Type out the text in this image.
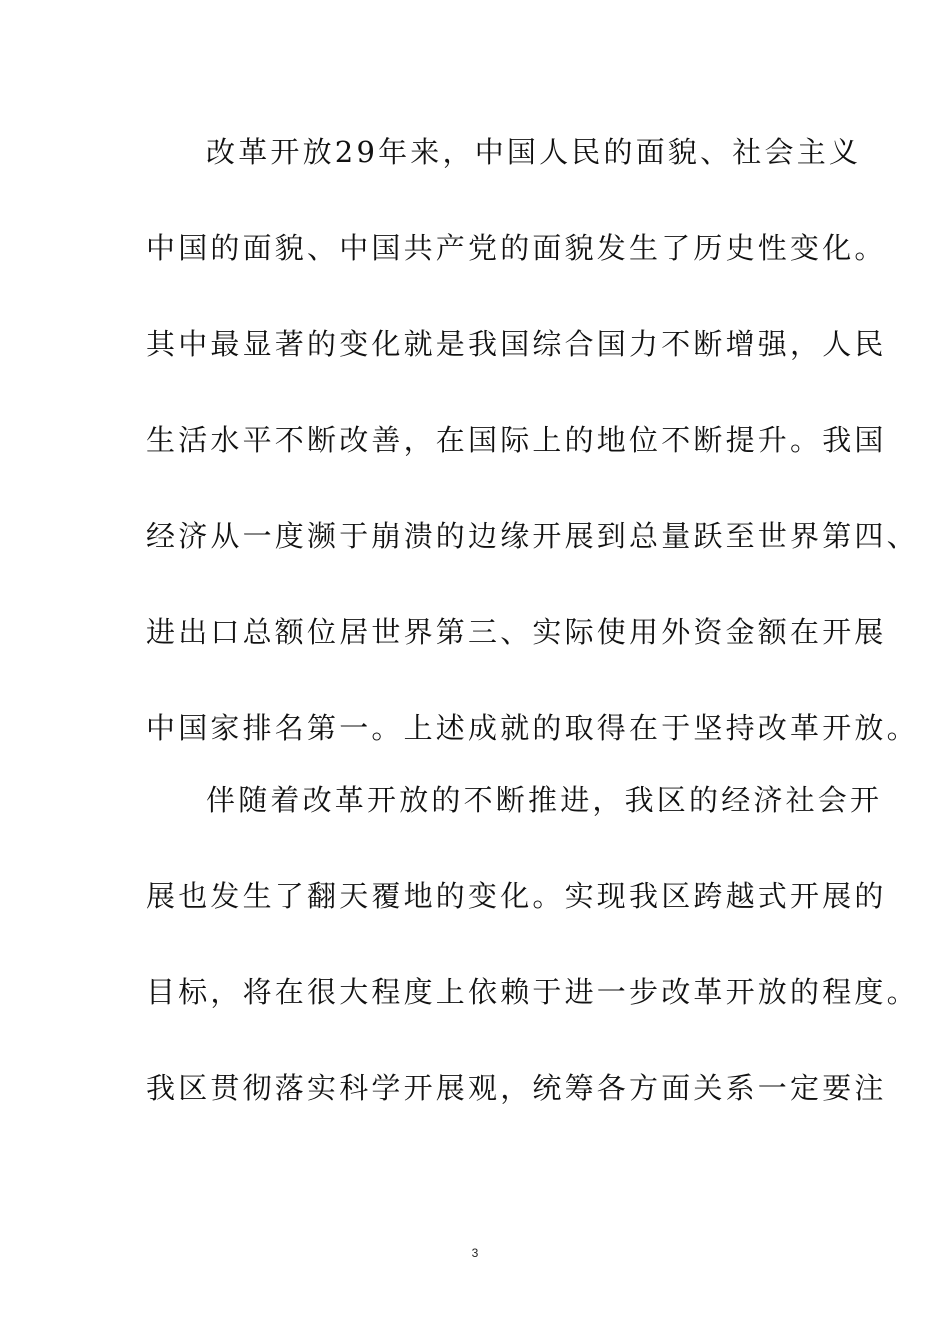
改革开放29年来，中国人民的面貌、社会主义
中国的面貌、中国共产党的面貌发生了历史性变化。
其中最显著的变化就是我国综合国力不断增强，人民
生活水平不断改善，在国际上的地位不断提升。我国
经济从一度濒于崩溃的边缘开展到总量跃至世界第四、
进出口总额位居世界第三、实际使用外资金额在开展
中国家排名第一。上述成就的取得在于坚持改革开放。
伴随着改革开放的不断推进，我区的经济社会开
展也发生了翻天覆地的变化。实现我区跨越式开展的
目标，将在很大程度上依赖于进一步改革开放的程度。
我区贯彻落实科学开展观，统筹各方面关系一定要注
3
